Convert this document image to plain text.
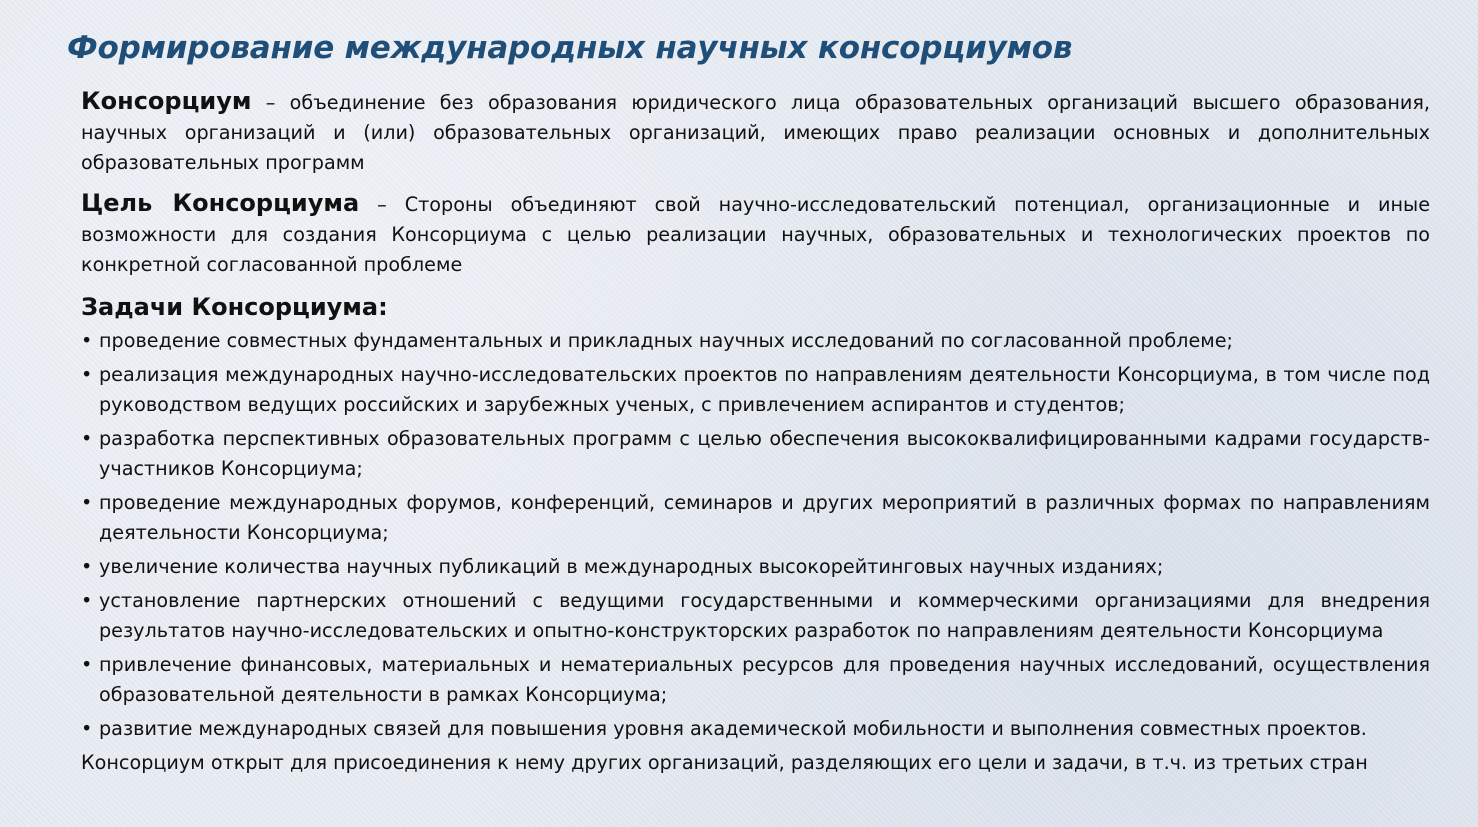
Формирование международных научных консорциумов

Консорциум – объединение без образования юридического лица образовательных организаций высшего образования, научных организаций и (или) образовательных организаций, имеющих право реализации основных и дополнительных образовательных программ

Цель Консорциума – Стороны объединяют свой научно-исследовательский потенциал, организационные и иные возможности для создания Консорциума с целью реализации научных, образовательных и технологических проектов по конкретной согласованной проблеме

Задачи Консорциума:
• проведение совместных фундаментальных и прикладных научных исследований по согласованной проблеме;
• реализация международных научно-исследовательских проектов по направлениям деятельности Консорциума, в том числе под руководством ведущих российских и зарубежных ученых, с привлечением аспирантов и студентов;
• разработка перспективных образовательных программ с целью обеспечения высококвалифицированными кадрами государств-участников Консорциума;
• проведение международных форумов, конференций, семинаров и других мероприятий в различных формах по направлениям деятельности Консорциума;
• увеличение количества научных публикаций в международных высокорейтинговых научных изданиях;
• установление партнерских отношений с ведущими государственными и коммерческими организациями для внедрения результатов научно-исследовательских и опытно-конструкторских разработок по направлениям деятельности Консорциума
• привлечение финансовых, материальных и нематериальных ресурсов для проведения научных исследований, осуществления образовательной деятельности в рамках Консорциума;
• развитие международных связей для повышения уровня академической мобильности и выполнения совместных проектов.
Консорциум открыт для присоединения к нему других организаций, разделяющих его цели и задачи, в т.ч. из третьих стран
